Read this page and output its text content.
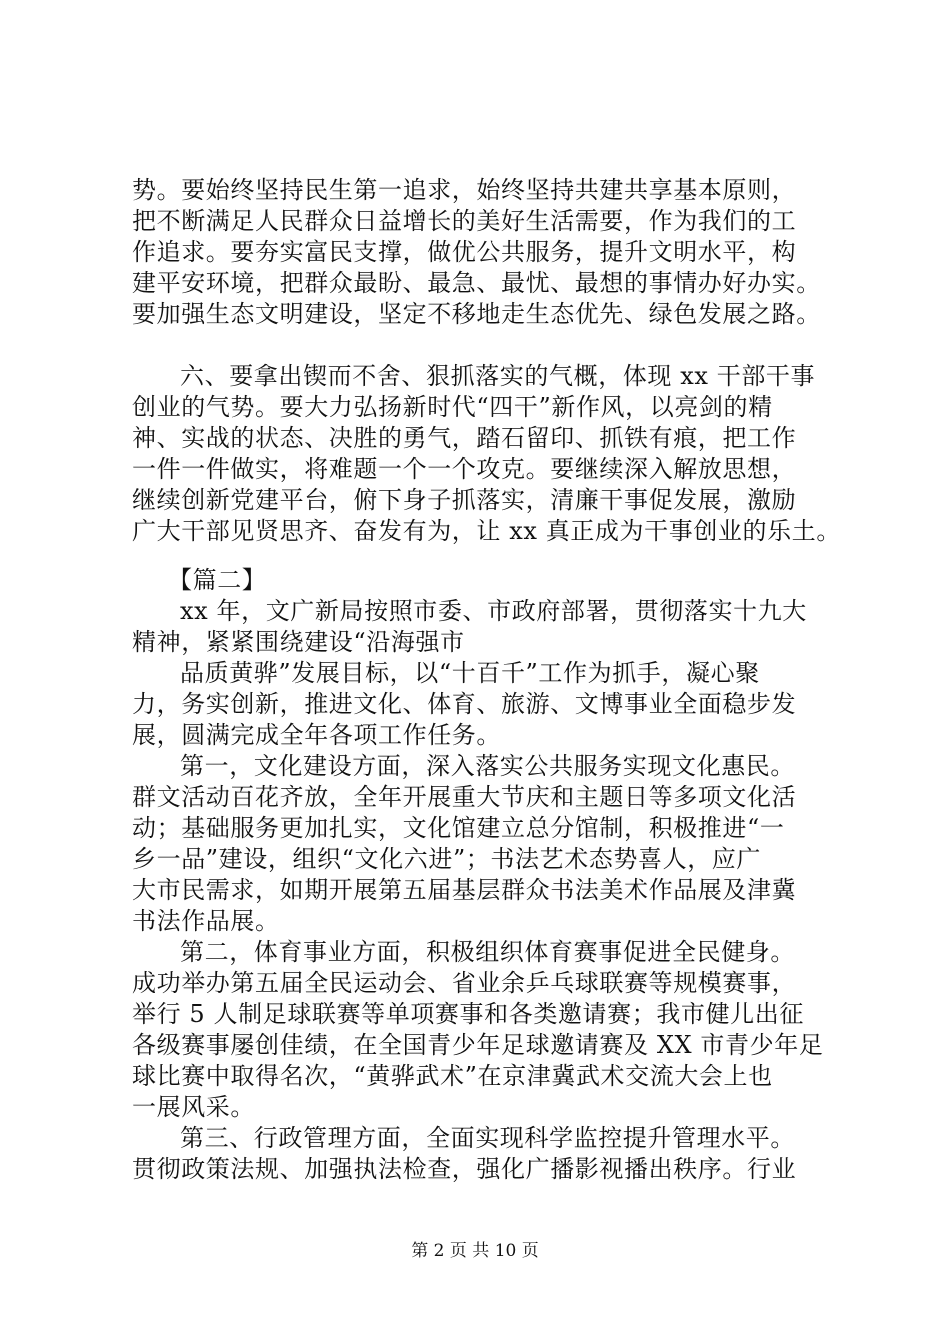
势。要始终坚持民生第一追求，始终坚持共建共享基本原则，
把不断满足人民群众日益增长的美好生活需要，作为我们的工
作追求。要夯实富民支撑，做优公共服务，提升文明水平，构
建平安环境，把群众最盼、最急、最忧、最想的事情办好办实。
要加强生态文明建设，坚定不移地走生态优先、绿色发展之路。
六、要拿出锲而不舍、狠抓落实的气概，体现 xx 干部干事
创业的气势。要大力弘扬新时代“四干”新作风，以亮剑的精
神、实战的状态、决胜的勇气，踏石留印、抓铁有痕，把工作
一件一件做实，将难题一个一个攻克。要继续深入解放思想，
继续创新党建平台，俯下身子抓落实，清廉干事促发展，激励
广大干部见贤思齐、奋发有为，让 xx 真正成为干事创业的乐土。
【篇二】
xx 年，文广新局按照市委、市政府部署，贯彻落实十九大
精神，紧紧围绕建设“沿海强市
品质黄骅”发展目标，以“十百千”工作为抓手，凝心聚
力，务实创新，推进文化、体育、旅游、文博事业全面稳步发
展，圆满完成全年各项工作任务。
第一，文化建设方面，深入落实公共服务实现文化惠民。
群文活动百花齐放，全年开展重大节庆和主题日等多项文化活
动；基础服务更加扎实，文化馆建立总分馆制，积极推进“一
乡一品”建设，组织“文化六进”；书法艺术态势喜人，应广
大市民需求，如期开展第五届基层群众书法美术作品展及津冀
书法作品展。
第二，体育事业方面，积极组织体育赛事促进全民健身。
成功举办第五届全民运动会、省业余乒乓球联赛等规模赛事，
举行 5 人制足球联赛等单项赛事和各类邀请赛；我市健儿出征
各级赛事屡创佳绩，在全国青少年足球邀请赛及 XX 市青少年足
球比赛中取得名次，“黄骅武术”在京津冀武术交流大会上也
一展风采。
第三、行政管理方面，全面实现科学监控提升管理水平。
贯彻政策法规、加强执法检查，强化广播影视播出秩序。行业
第 2 页 共 10 页
